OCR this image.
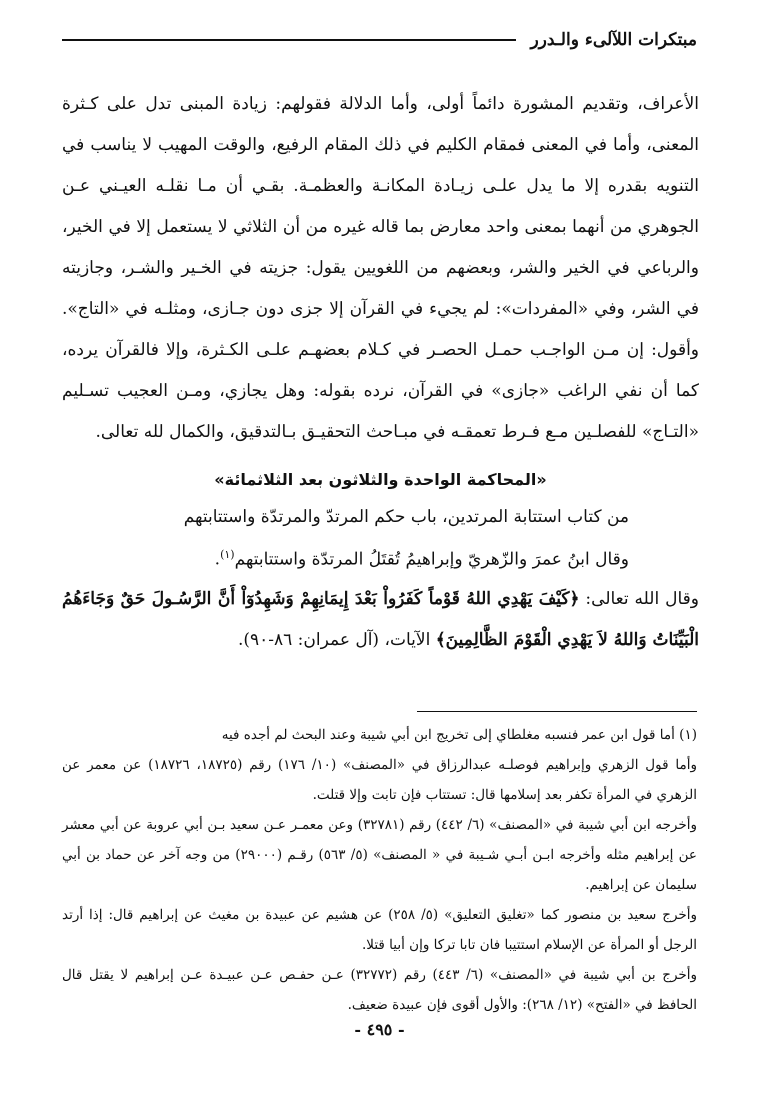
مبتكرات اللآلىء والـدرر

الأعراف، وتقديم المشورة دائماً أولى، وأما الدلالة فقولهم: زيادة المبنى تدل على كـثرة المعنى، وأما في المعنى فمقام الكليم في ذلك المقام الرفيع، والوقت المهيب لا يناسب في التنويه بقدره إلا ما يدل علـى زيـادة المكانـة والعظمـة. بقـي أن مـا نقلـه العيـني عـن الجوهري من أنهما بمعنى واحد معارض بما قاله غيره من أن الثلاثي لا يستعمل إلا في الخير، والرباعي في الخير والشر، وبعضهم من اللغويين يقول: جزيته في الخـير والشـر، وجازيته في الشر، وفي «المفردات»: لم يجيء في القرآن إلا جزى دون جـازى، ومثلـه في «التاج». وأقول: إن مـن الواجـب حمـل الحصـر في كـلام بعضهـم علـى الكـثرة، وإلا فالقرآن يرده، كما أن نفي الراغب «جازى» في القرآن، نرده بقوله: وهل يجازي، ومـن العجيب تسـليم «التـاج» للفصلـين مـع فـرط تعمقـه في مبـاحث التحقيـق بـالتدقيق، والكمال لله تعالى.

«المحاكمة الواحدة والثلاثون بعد الثلاثمائة»

من كتاب استتابة المرتدين، باب حكم المرتدّ والمرتدّة واستتابتهم

وقال ابنُ عمرَ والزّهريّ وإبراهيمُ تُقتَلُ المرتدّة واستتابتهم$^{(١)}$.

وقال الله تعالى: ﴿كَيْفَ يَهْدِي اللهُ قَوْماً كَفَرُواْ بَعْدَ إِيمَانِهِمْ وَشَهِدُوٓاْ أَنَّ الرَّسُـولَ حَقٌ وَجَاءَهُمُ الْبَيِّنَاتُ وَاللهُ لاَ يَهْدِي الْقَوْمَ الظَّالِمِينَ﴾ الآيات، (آل عمران: ٨٦-٩٠).

(١) أما قول ابن عمر فنسبه مغلطاي إلى تخريج ابن أبي شيبة وعند البحث لم أجده فيه

وأما قول الزهري وإبراهيم فوصلـه عبدالرزاق في «المصنف» (١٠/ ١٧٦) رقم (١٨٧٢٥، ١٨٧٢٦) عن معمر عن الزهري في المرأة تكفر بعد إسلامها قال: تستتاب فإن تابت وإلا قتلت.

وأخرجه ابن أبي شيبة في «المصنف» (٦/ ٤٤٢) رقم (٣٢٧٨١) وعن معمـر عـن سعيد بـن أبي عروبة عن أبي معشر عن إبراهيم مثله وأخرجه ابـن أبـي شـيبة في « المصنف» (٥/ ٥٦٣) رقـم (٢٩٠٠٠) من وجه آخر عن حماد بن أبي سليمان عن إبراهيم.

وأخرج سعيد بن منصور كما «تغليق التعليق» (٥/ ٢٥٨) عن هشيم عن عبيدة بن مغيث عن إبراهيم قال: إذا أرتد الرجل أو المرأة عن الإسلام استتيبا فان تابا تركا وإن أبيا قتلا.

وأخرج بن أبي شيبة في «المصنف» (٦/ ٤٤٣) رقم (٣٢٧٧٢) عـن حفـص عـن عبيـدة عـن إبراهيم لا يقتل قال الحافظ في «الفتح» (١٢/ ٢٦٨): والأول أقوى فإن عبيدة ضعيف.

- ٤٩٥ -
